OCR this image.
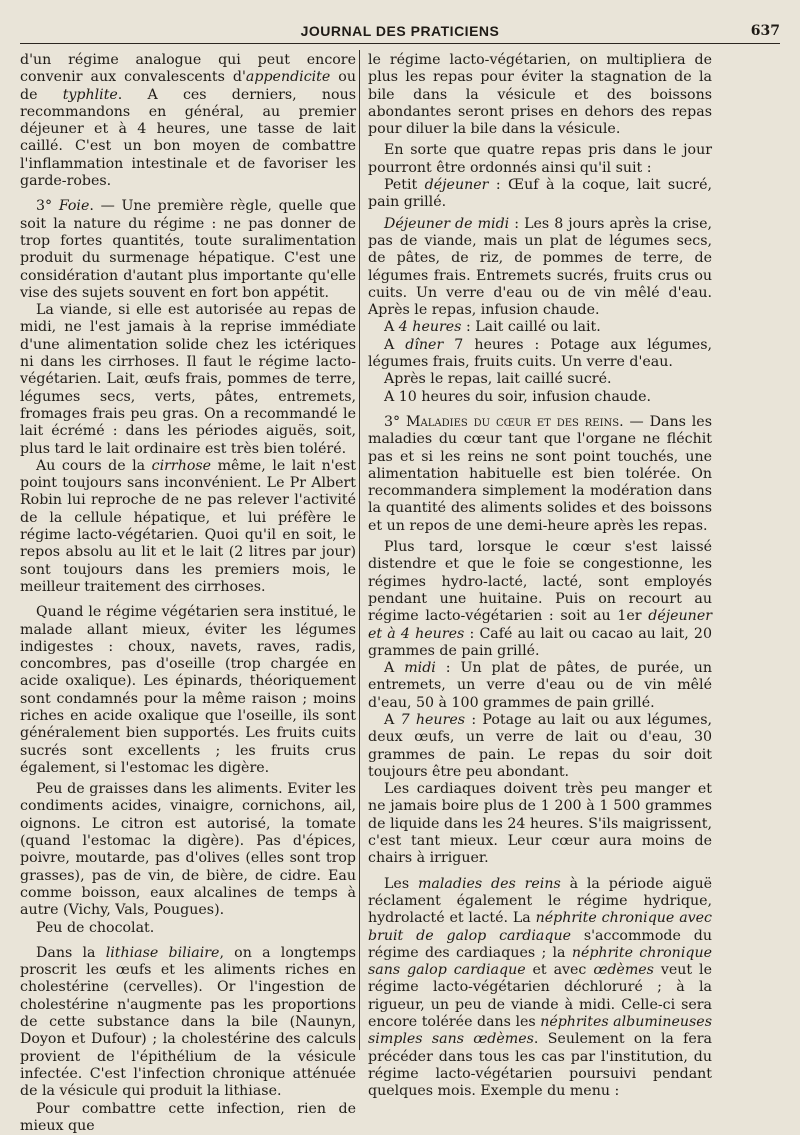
JOURNAL DES PRATICIENS	637

d'un régime analogue qui peut encore convenir aux convalescents d'appendicite ou de typhlite. A ces derniers, nous recommandons en général, au premier déjeuner et à 4 heures, une tasse de lait caillé. C'est un bon moyen de combattre l'inflammation intestinale et de favoriser les garde-robes.

3° Foie. — Une première règle, quelle que soit la nature du régime : ne pas donner de trop fortes quantités, toute suralimentation produit du surmenage hépatique. C'est une considération d'autant plus importante qu'elle vise des sujets souvent en fort bon appétit.

La viande, si elle est autorisée au repas de midi, ne l'est jamais à la reprise immédiate d'une alimentation solide chez les ictériques ni dans les cirrhoses. Il faut le régime lacto-végétarien. Lait, œufs frais, pommes de terre, légumes secs, verts, pâtes, entremets, fromages frais peu gras. On a recommandé le lait écrémé : dans les périodes aiguës, soit, plus tard le lait ordinaire est très bien toléré.

Au cours de la cirrhose même, le lait n'est point toujours sans inconvénient. Le Pr Albert Robin lui reproche de ne pas relever l'activité de la cellule hépatique, et lui préfère le régime lacto-végétarien. Quoi qu'il en soit, le repos absolu au lit et le lait (2 litres par jour) sont toujours dans les premiers mois, le meilleur traitement des cirrhoses.

Quand le régime végétarien sera institué, le malade allant mieux, éviter les légumes indigestes : choux, navets, raves, radis, concombres, pas d'oseille (trop chargée en acide oxalique). Les épinards, théoriquement sont condamnés pour la même raison ; moins riches en acide oxalique que l'oseille, ils sont généralement bien supportés. Les fruits cuits sucrés sont excellents ; les fruits crus également, si l'estomac les digère.

Peu de graisses dans les aliments. Eviter les condiments acides, vinaigre, cornichons, ail, oignons. Le citron est autorisé, la tomate (quand l'estomac la digère). Pas d'épices, poivre, moutarde, pas d'olives (elles sont trop grasses), pas de vin, de bière, de cidre. Eau comme boisson, eaux alcalines de temps à autre (Vichy, Vals, Pougues).

Peu de chocolat.

Dans la lithiase biliaire, on a longtemps proscrit les œufs et les aliments riches en cholestérine (cervelles). Or l'ingestion de cholestérine n'augmente pas les proportions de cette substance dans la bile (Naunyn, Doyon et Dufour) ; la cholestérine des calculs provient de l'épithélium de la vésicule infectée. C'est l'infection chronique atténuée de la vésicule qui produit la lithiase.

Pour combattre cette infection, rien de mieux que

le régime lacto-végétarien, on multipliera de plus les repas pour éviter la stagnation de la bile dans la vésicule et des boissons abondantes seront prises en dehors des repas pour diluer la bile dans la vésicule.

En sorte que quatre repas pris dans le jour pourront être ordonnés ainsi qu'il suit :

Petit déjeuner : Œuf à la coque, lait sucré, pain grillé.

Déjeuner de midi : Les 8 jours après la crise, pas de viande, mais un plat de légumes secs, de pâtes, de riz, de pommes de terre, de légumes frais. Entremets sucrés, fruits crus ou cuits. Un verre d'eau ou de vin mêlé d'eau. Après le repas, infusion chaude.

A 4 heures : Lait caillé ou lait.

A dîner 7 heures : Potage aux légumes, légumes frais, fruits cuits. Un verre d'eau.

Après le repas, lait caillé sucré.

A 10 heures du soir, infusion chaude.

3° Maladies du cœur et des reins. — Dans les maladies du cœur tant que l'organe ne fléchit pas et si les reins ne sont point touchés, une alimentation habituelle est bien tolérée. On recommandera simplement la modération dans la quantité des aliments solides et des boissons et un repos de une demi-heure après les repas.

Plus tard, lorsque le cœur s'est laissé distendre et que le foie se congestionne, les régimes hydro-lacté, lacté, sont employés pendant une huitaine. Puis on recourt au régime lacto-végétarien : soit au 1er déjeuner et à 4 heures : Café au lait ou cacao au lait, 20 grammes de pain grillé.

A midi : Un plat de pâtes, de purée, un entremets, un verre d'eau ou de vin mêlé d'eau, 50 à 100 grammes de pain grillé.

A 7 heures : Potage au lait ou aux légumes, deux œufs, un verre de lait ou d'eau, 30 grammes de pain. Le repas du soir doit toujours être peu abondant.

Les cardiaques doivent très peu manger et ne jamais boire plus de 1 200 à 1 500 grammes de liquide dans les 24 heures. S'ils maigrissent, c'est tant mieux. Leur cœur aura moins de chairs à irriguer.

Les maladies des reins à la période aiguë réclament également le régime hydrique, hydrolacté et lacté. La néphrite chronique avec bruit de galop cardiaque s'accommode du régime des cardiaques ; la néphrite chronique sans galop cardiaque et avec œdèmes veut le régime lacto-végétarien déchloruré ; à la rigueur, un peu de viande à midi. Celle-ci sera encore tolérée dans les néphrites albumineuses simples sans œdèmes. Seulement on la fera précéder dans tous les cas par l'institution, du régime lacto-végétarien poursuivi pendant quelques mois. Exemple du menu :
